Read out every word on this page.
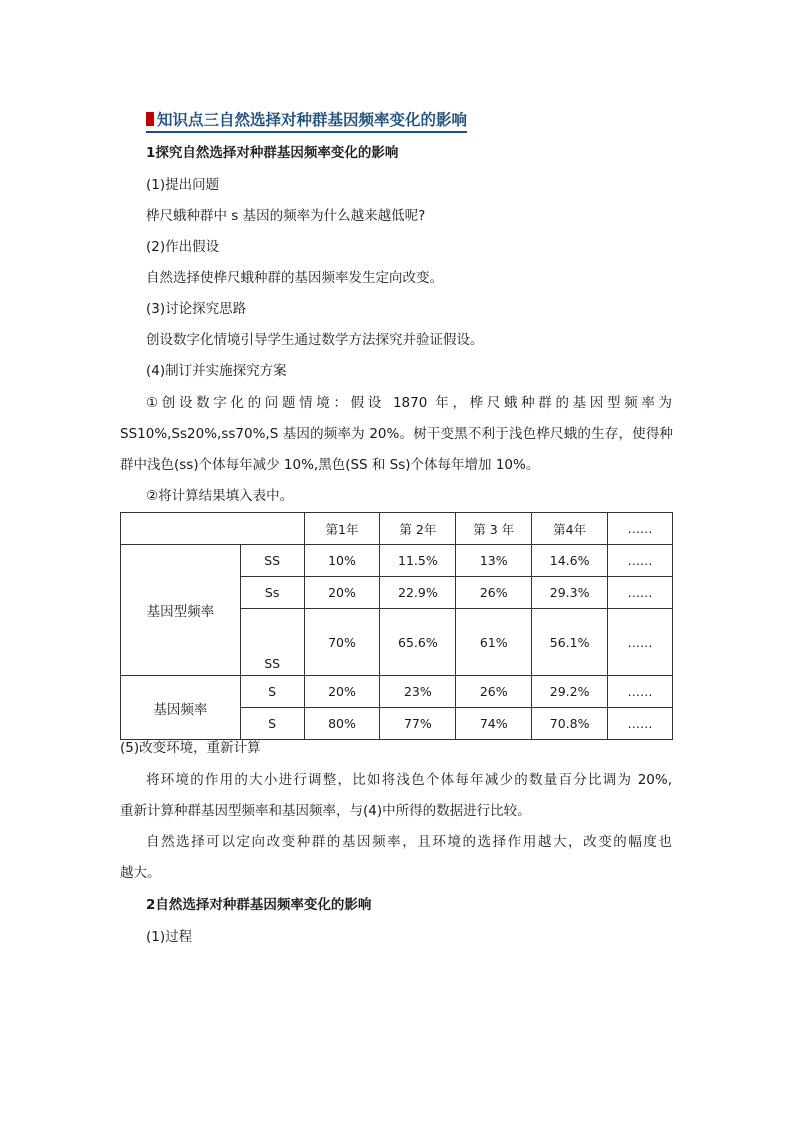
知识点三自然选择对种群基因频率变化的影响
1探究自然选择对种群基因频率变化的影响
(1)提出问题
桦尺蛾种群中 s 基因的频率为什么越来越低呢?
(2)作出假设
自然选择使桦尺蛾种群的基因频率发生定向改变。
(3)讨论探究思路
创设数字化情境引导学生通过数学方法探究并验证假设。
(4)制订并实施探究方案
①创设数字化的问题情境：假设 1870 年，桦尺蛾种群的基因型频率为
SS10%,Ss20%,ss70%,S 基因的频率为 20%。树干变黑不利于浅色桦尺蛾的生存，使得种
群中浅色(ss)个体每年减少 10%,黑色(SS 和 Ss)个体每年增加 10%。
②将计算结果填入表中。
		第1年	第 2年	第 3 年	第4年	……
基因型频率	SS	10%	11.5%	13%	14.6%	……
	Ss	20%	22.9%	26%	29.3%	……
	SS	70%	65.6%	61%	56.1%	……
基因频率	S	20%	23%	26%	29.2%	……
	S	80%	77%	74%	70.8%	……
(5)改变环境，重新计算
将环境的作用的大小进行调整，比如将浅色个体每年减少的数量百分比调为 20%,
重新计算种群基因型频率和基因频率，与(4)中所得的数据进行比较。
自然选择可以定向改变种群的基因频率，且环境的选择作用越大，改变的幅度也
越大。
2自然选择对种群基因频率变化的影响
(1)过程
